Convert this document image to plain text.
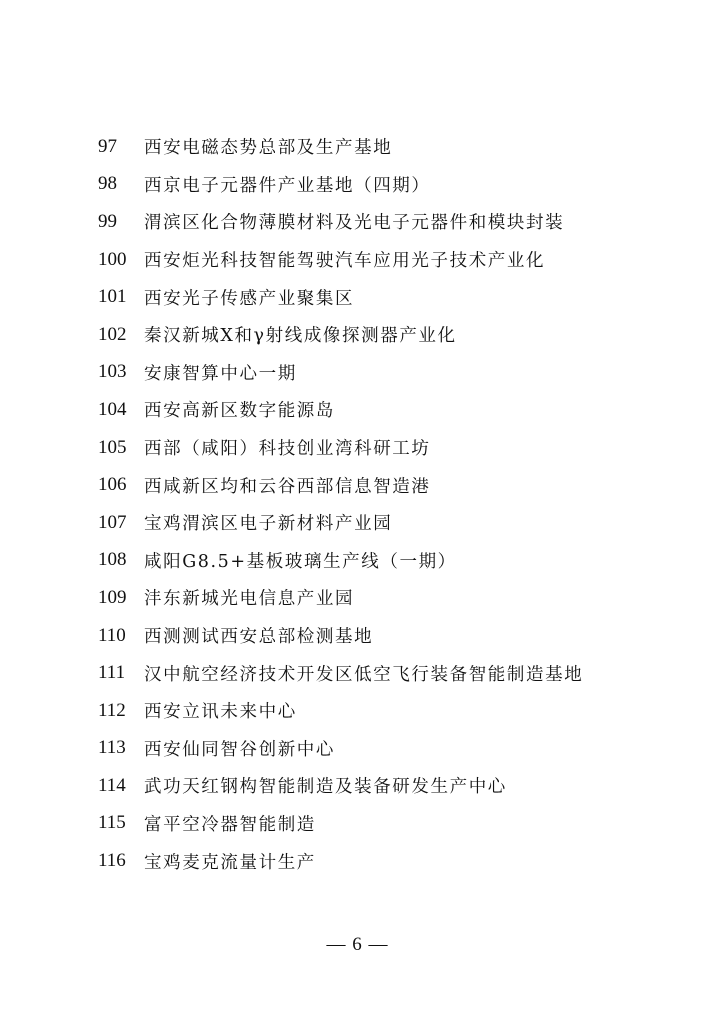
97	西安电磁态势总部及生产基地
98	西京电子元器件产业基地（四期）
99	渭滨区化合物薄膜材料及光电子元器件和模块封装
100	西安炬光科技智能驾驶汽车应用光子技术产业化
101	西安光子传感产业聚集区
102	秦汉新城X和γ射线成像探测器产业化
103	安康智算中心一期
104	西安高新区数字能源岛
105	西部（咸阳）科技创业湾科研工坊
106	西咸新区均和云谷西部信息智造港
107	宝鸡渭滨区电子新材料产业园
108	咸阳G8.5+基板玻璃生产线（一期）
109	沣东新城光电信息产业园
110	西测测试西安总部检测基地
111	汉中航空经济技术开发区低空飞行装备智能制造基地
112	西安立讯未来中心
113	西安仙同智谷创新中心
114	武功天红钢构智能制造及装备研发生产中心
115	富平空冷器智能制造
116	宝鸡麦克流量计生产
— 6 —
